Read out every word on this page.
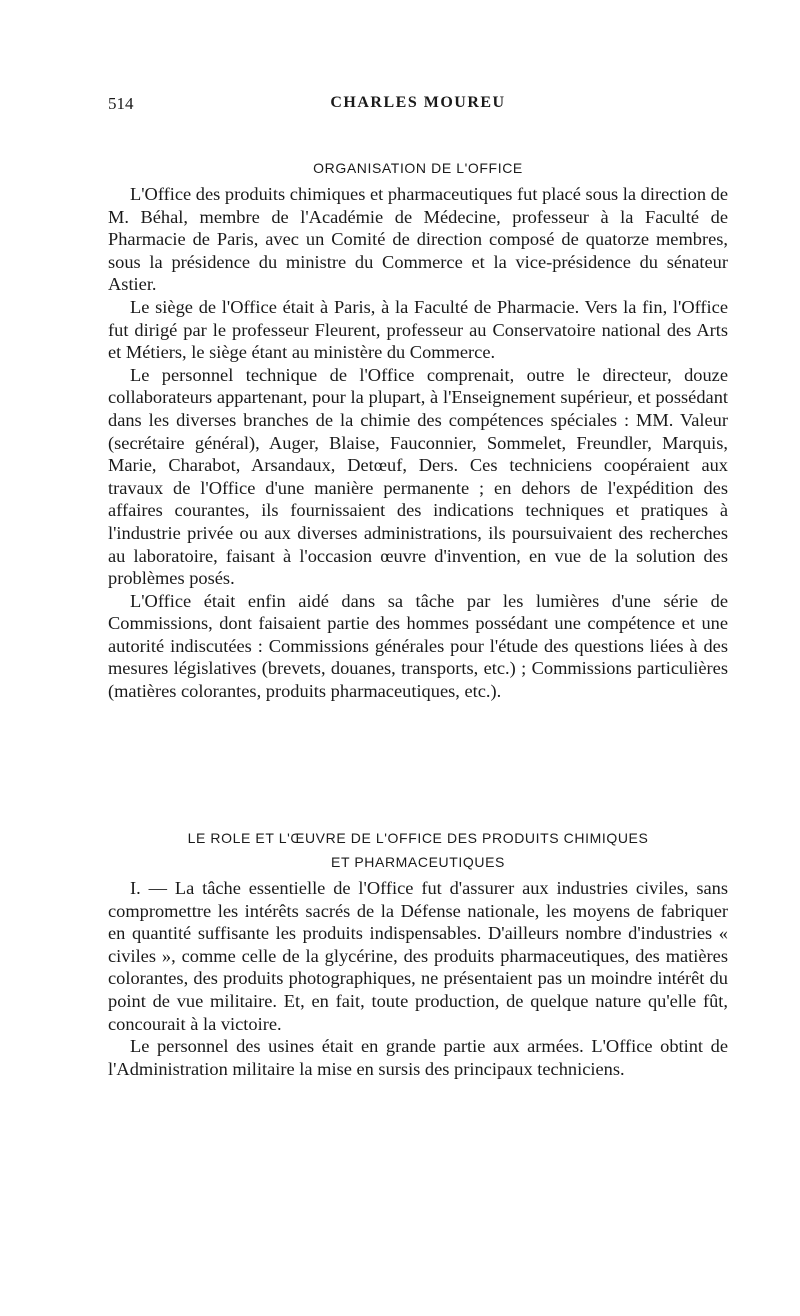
514	CHARLES MOUREU
ORGANISATION DE L'OFFICE

L'Office des produits chimiques et pharmaceutiques fut placé sous la direction de M. Béhal, membre de l'Académie de Médecine, professeur à la Faculté de Pharmacie de Paris, avec un Comité de direction composé de quatorze membres, sous la présidence du ministre du Commerce et la vice-présidence du sénateur Astier.

Le siège de l'Office était à Paris, à la Faculté de Pharmacie. Vers la fin, l'Office fut dirigé par le professeur Fleurent, professeur au Conservatoire national des Arts et Métiers, le siège étant au ministère du Commerce.

Le personnel technique de l'Office comprenait, outre le directeur, douze collaborateurs appartenant, pour la plupart, à l'Enseignement supérieur, et possédant dans les diverses branches de la chimie des compétences spéciales : MM. Valeur (secrétaire général), Auger, Blaise, Fauconnier, Sommelet, Freundler, Marquis, Marie, Charabot, Arsandaux, Detœuf, Ders. Ces techniciens coopéraient aux travaux de l'Office d'une manière permanente ; en dehors de l'expédition des affaires courantes, ils fournissaient des indications techniques et pratiques à l'industrie privée ou aux diverses administrations, ils poursuivaient des recherches au laboratoire, faisant à l'occasion œuvre d'invention, en vue de la solution des problèmes posés.

L'Office était enfin aidé dans sa tâche par les lumières d'une série de Commissions, dont faisaient partie des hommes possédant une compétence et une autorité indiscutées : Commissions générales pour l'étude des questions liées à des mesures législatives (brevets, douanes, transports, etc.) ; Commissions particulières (matières colorantes, produits pharmaceutiques, etc.).

LE ROLE ET L'ŒUVRE DE L'OFFICE DES PRODUITS CHIMIQUES
ET PHARMACEUTIQUES

I. — La tâche essentielle de l'Office fut d'assurer aux industries civiles, sans compromettre les intérêts sacrés de la Défense nationale, les moyens de fabriquer en quantité suffisante les produits indispensables. D'ailleurs nombre d'industries « civiles », comme celle de la glycérine, des produits pharmaceutiques, des matières colorantes, des produits photographiques, ne présentaient pas un moindre intérêt du point de vue militaire. Et, en fait, toute production, de quelque nature qu'elle fût, concourait à la victoire.

Le personnel des usines était en grande partie aux armées. L'Office obtint de l'Administration militaire la mise en sursis des principaux techniciens.
